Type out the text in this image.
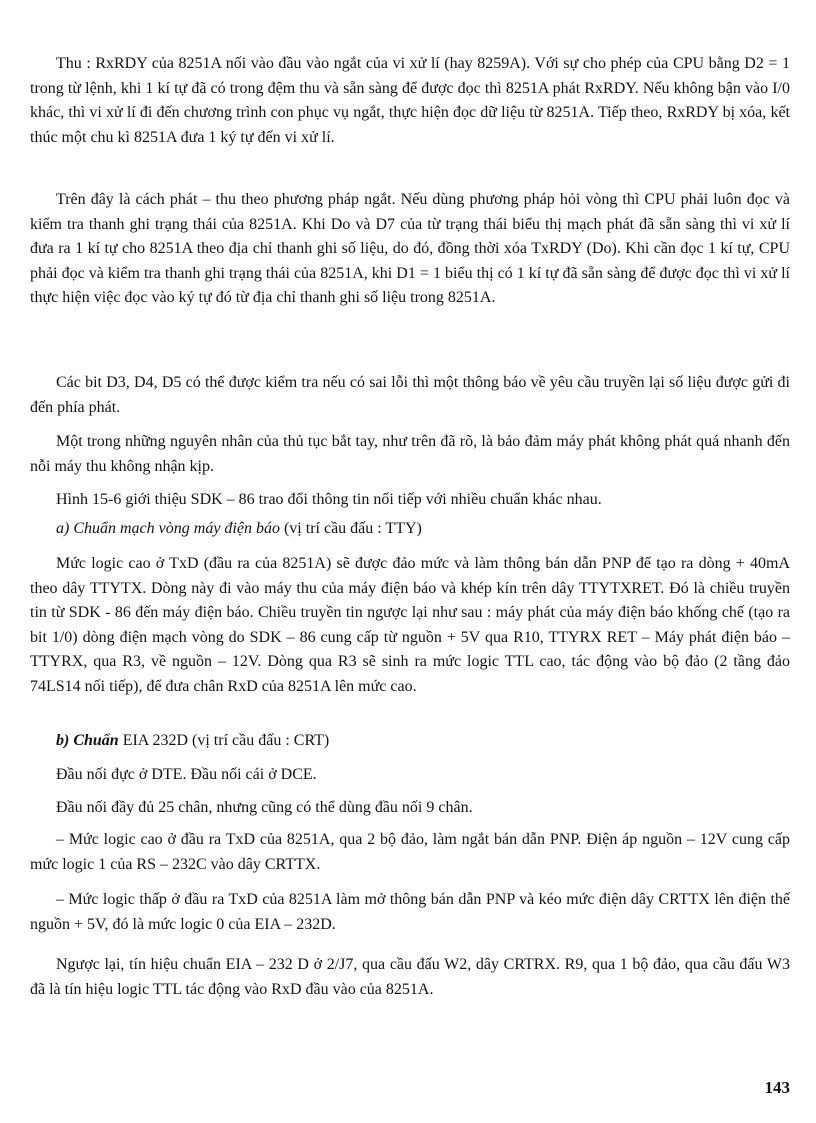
Thu : RxRDY của 8251A nối vào đầu vào ngắt của vi xử lí (hay 8259A). Với sự cho phép của CPU bằng D2 = 1 trong từ lệnh, khi 1 kí tự đã có trong đệm thu và sẵn sàng để được đọc thì 8251A phát RxRDY. Nếu không bận vào I/0 khác, thì vi xử lí đi đến chương trình con phục vụ ngắt, thực hiện đọc dữ liệu từ 8251A. Tiếp theo, RxRDY bị xóa, kết thúc một chu kì 8251A đưa 1 ký tự đến vi xử lí.

Trên đây là cách phát – thu theo phương pháp ngắt. Nếu dùng phương pháp hỏi vòng thì CPU phải luôn đọc và kiểm tra thanh ghi trạng thái của 8251A. Khi Do và D7 của từ trạng thái biểu thị mạch phát đã sẵn sàng thì vi xử lí đưa ra 1 kí tự cho 8251A theo địa chỉ thanh ghi số liệu, do đó, đồng thời xóa TxRDY (Do). Khi cần đọc 1 kí tự, CPU phải đọc và kiểm tra thanh ghi trạng thái của 8251A, khi D1 = 1 biểu thị có 1 kí tự đã sẵn sàng để được đọc thì vi xử lí thực hiện việc đọc vào ký tự đó từ địa chỉ thanh ghi số liệu trong 8251A.

Các bit D3, D4, D5 có thể được kiểm tra nếu có sai lỗi thì một thông báo về yêu cầu truyền lại số liệu được gửi đi đến phía phát.

Một trong những nguyên nhân của thủ tục bắt tay, như trên đã rõ, là bảo đảm máy phát không phát quá nhanh đến nỗi máy thu không nhận kịp.

Hình 15-6 giới thiệu SDK – 86 trao đổi thông tin nối tiếp với nhiều chuẩn khác nhau.

a) Chuẩn mạch vòng máy điện báo (vị trí cầu đấu : TTY)

Mức logic cao ở TxD (đầu ra của 8251A) sẽ được đảo mức và làm thông bán dẫn PNP để tạo ra dòng + 40mA theo dây TTYTX. Dòng này đi vào máy thu của máy điện báo và khép kín trên dây TTYTXRET. Đó là chiều truyền tin từ SDK - 86 đến máy điện báo. Chiều truyền tin ngược lại như sau : máy phát của máy điện báo khống chế (tạo ra bit 1/0) dòng điện mạch vòng do SDK – 86 cung cấp từ nguồn + 5V qua R10, TTYRX RET – Máy phát điện báo – TTYRX, qua R3, về nguồn – 12V. Dòng qua R3 sẽ sinh ra mức logic TTL cao, tác động vào bộ đảo (2 tầng đảo 74LS14 nối tiếp), để đưa chân RxD của 8251A lên mức cao.

b) Chuẩn EIA 232D (vị trí cầu đấu : CRT)

Đầu nối đực ở DTE. Đầu nối cái ở DCE.

Đầu nối đầy đủ 25 chân, nhưng cũng có thể dùng đầu nối 9 chân.

– Mức logic cao ở đầu ra TxD của 8251A, qua 2 bộ đảo, làm ngắt bán dẫn PNP. Điện áp nguồn – 12V cung cấp mức logic 1 của RS – 232C vào dây CRTTX.

– Mức logic thấp ở đầu ra TxD của 8251A làm mở thông bán dẫn PNP và kéo mức điện dây CRTTX lên điện thế nguồn + 5V, đó là mức logic 0 của EIA – 232D.

Ngược lại, tín hiệu chuẩn EIA – 232 D ở 2/J7, qua cầu đấu W2, dây CRTRX. R9, qua 1 bộ đảo, qua cầu đấu W3 đã là tín hiệu logic TTL tác động vào RxD đầu vào của 8251A.

143
